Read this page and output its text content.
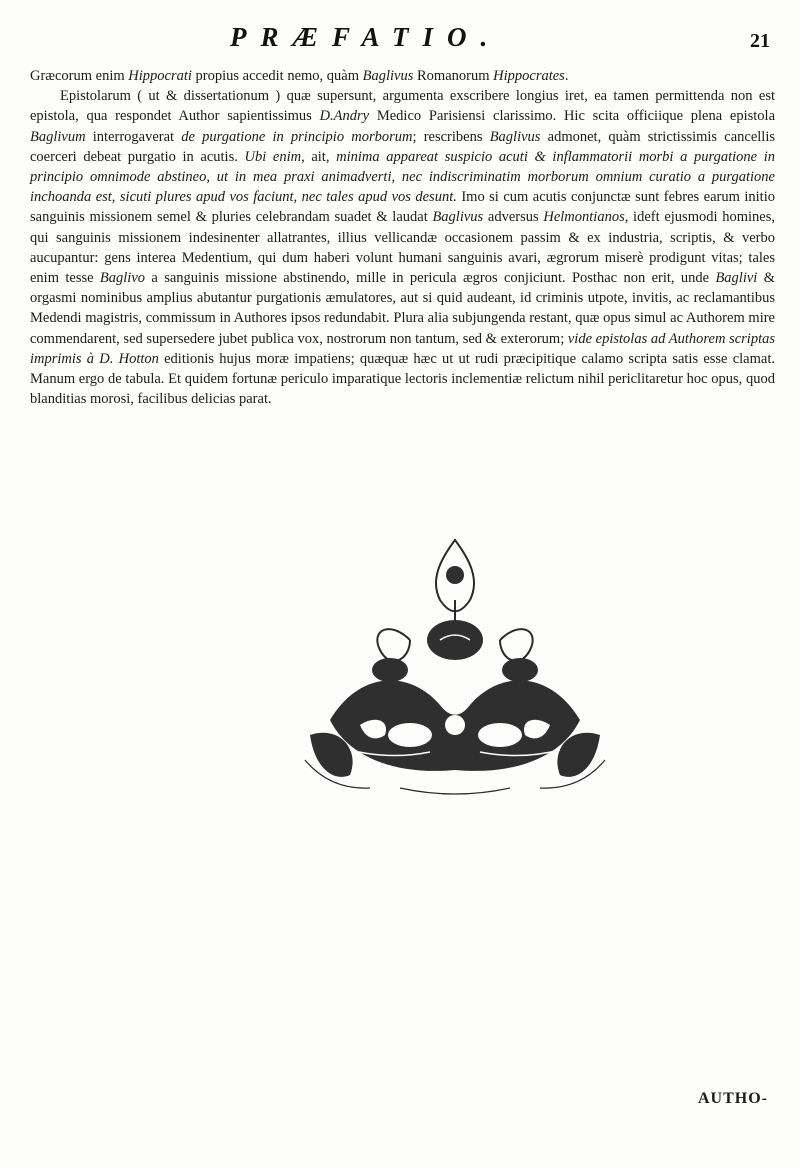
PRÆFATIO.	21

Græcorum enim Hippocrati propius accedit nemo, quàm Baglivus Romanorum Hippocrates.

Epistolarum ( ut & dissertationum ) quæ supersunt, argumenta exscribere longius iret, ea tamen permittenda non est epistola, qua respondet Author sapientissimus D.Andry Medico Parisiensi clarissimo. Hic scita officiique plena epistola Baglivum interrogaverat de purgatione in principio morborum; rescribens Baglivus admonet, quàm strictissimis cancellis coerceri debeat purgatio in acutis. Ubi enim, ait, minima appareat suspicio acuti & inflammatorii morbi a purgatione in principio omnimode abstineo, ut in mea praxi animadverti, nec indiscriminatim morborum omnium curatio a purgatione inchoanda est, sicuti plures apud vos faciunt, nec tales apud vos desunt. Imo si cum acutis conjunctæ sunt febres earum initio sanguinis missionem semel & pluries celebrandam suadet & laudat Baglivus adversus Helmontianos, ideft ejusmodi homines, qui sanguinis missionem indesinenter allatrantes, illius vellicandæ occasionem passim & ex industria, scriptis, & verbo aucupantur: gens interea Medentium, qui dum haberi volunt humani sanguinis avari, ægrorum miserè prodigunt vitas; tales enim tesse Baglivo a sanguinis missione abstinendo, mille in pericula ægros conjiciunt. Posthac non erit, unde Baglivi & orgasmi nominibus amplius abutantur purgationis æmulatores, aut si quid audeant, id criminis utpote, invitis, ac reclamantibus Medendi magistris, commissum in Authores ipsos redundabit. Plura alia subjungenda restant, quæ opus simul ac Authorem mire commendarent, sed supersedere jubet publica vox, nostrorum non tantum, sed & exterorum; vide epistolas ad Authorem scriptas imprimis à D. Hotton editionis hujus moræ impatiens; quæquæ hæc ut ut rudi præcipitique calamo scripta satis esse clamat. Manum ergo de tabula. Et quidem fortunæ periculo imparatique lectoris inclementiæ relictum nihil periclitaretur hoc opus, quod blanditias morosi, facilibus delicias parat.

AUTHO-
